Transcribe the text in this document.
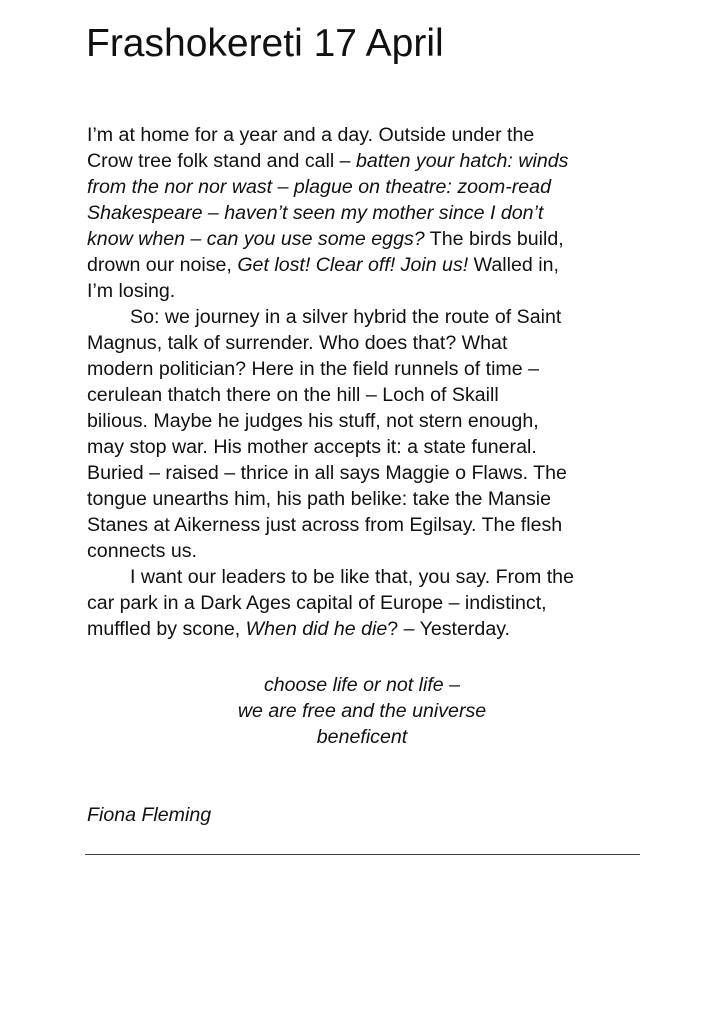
Frashokereti 17 April
I’m at home for a year and a day. Outside under the
Crow tree folk stand and call – batten your hatch: winds
from the nor nor wast – plague on theatre: zoom-read
Shakespeare – haven’t seen my mother since I don’t
know when – can you use some eggs? The birds build,
drown our noise, Get lost! Clear off! Join us! Walled in,
I’m losing.
So: we journey in a silver hybrid the route of Saint
Magnus, talk of surrender. Who does that? What
modern politician? Here in the field runnels of time –
cerulean thatch there on the hill – Loch of Skaill
bilious. Maybe he judges his stuff, not stern enough,
may stop war. His mother accepts it: a state funeral.
Buried – raised – thrice in all says Maggie o Flaws. The
tongue unearths him, his path belike: take the Mansie
Stanes at Aikerness just across from Egilsay. The flesh
connects us.
I want our leaders to be like that, you say. From the
car park in a Dark Ages capital of Europe – indistinct,
muffled by scone, When did he die? – Yesterday.
choose life or not life –
we are free and the universe
beneficent
Fiona Fleming
